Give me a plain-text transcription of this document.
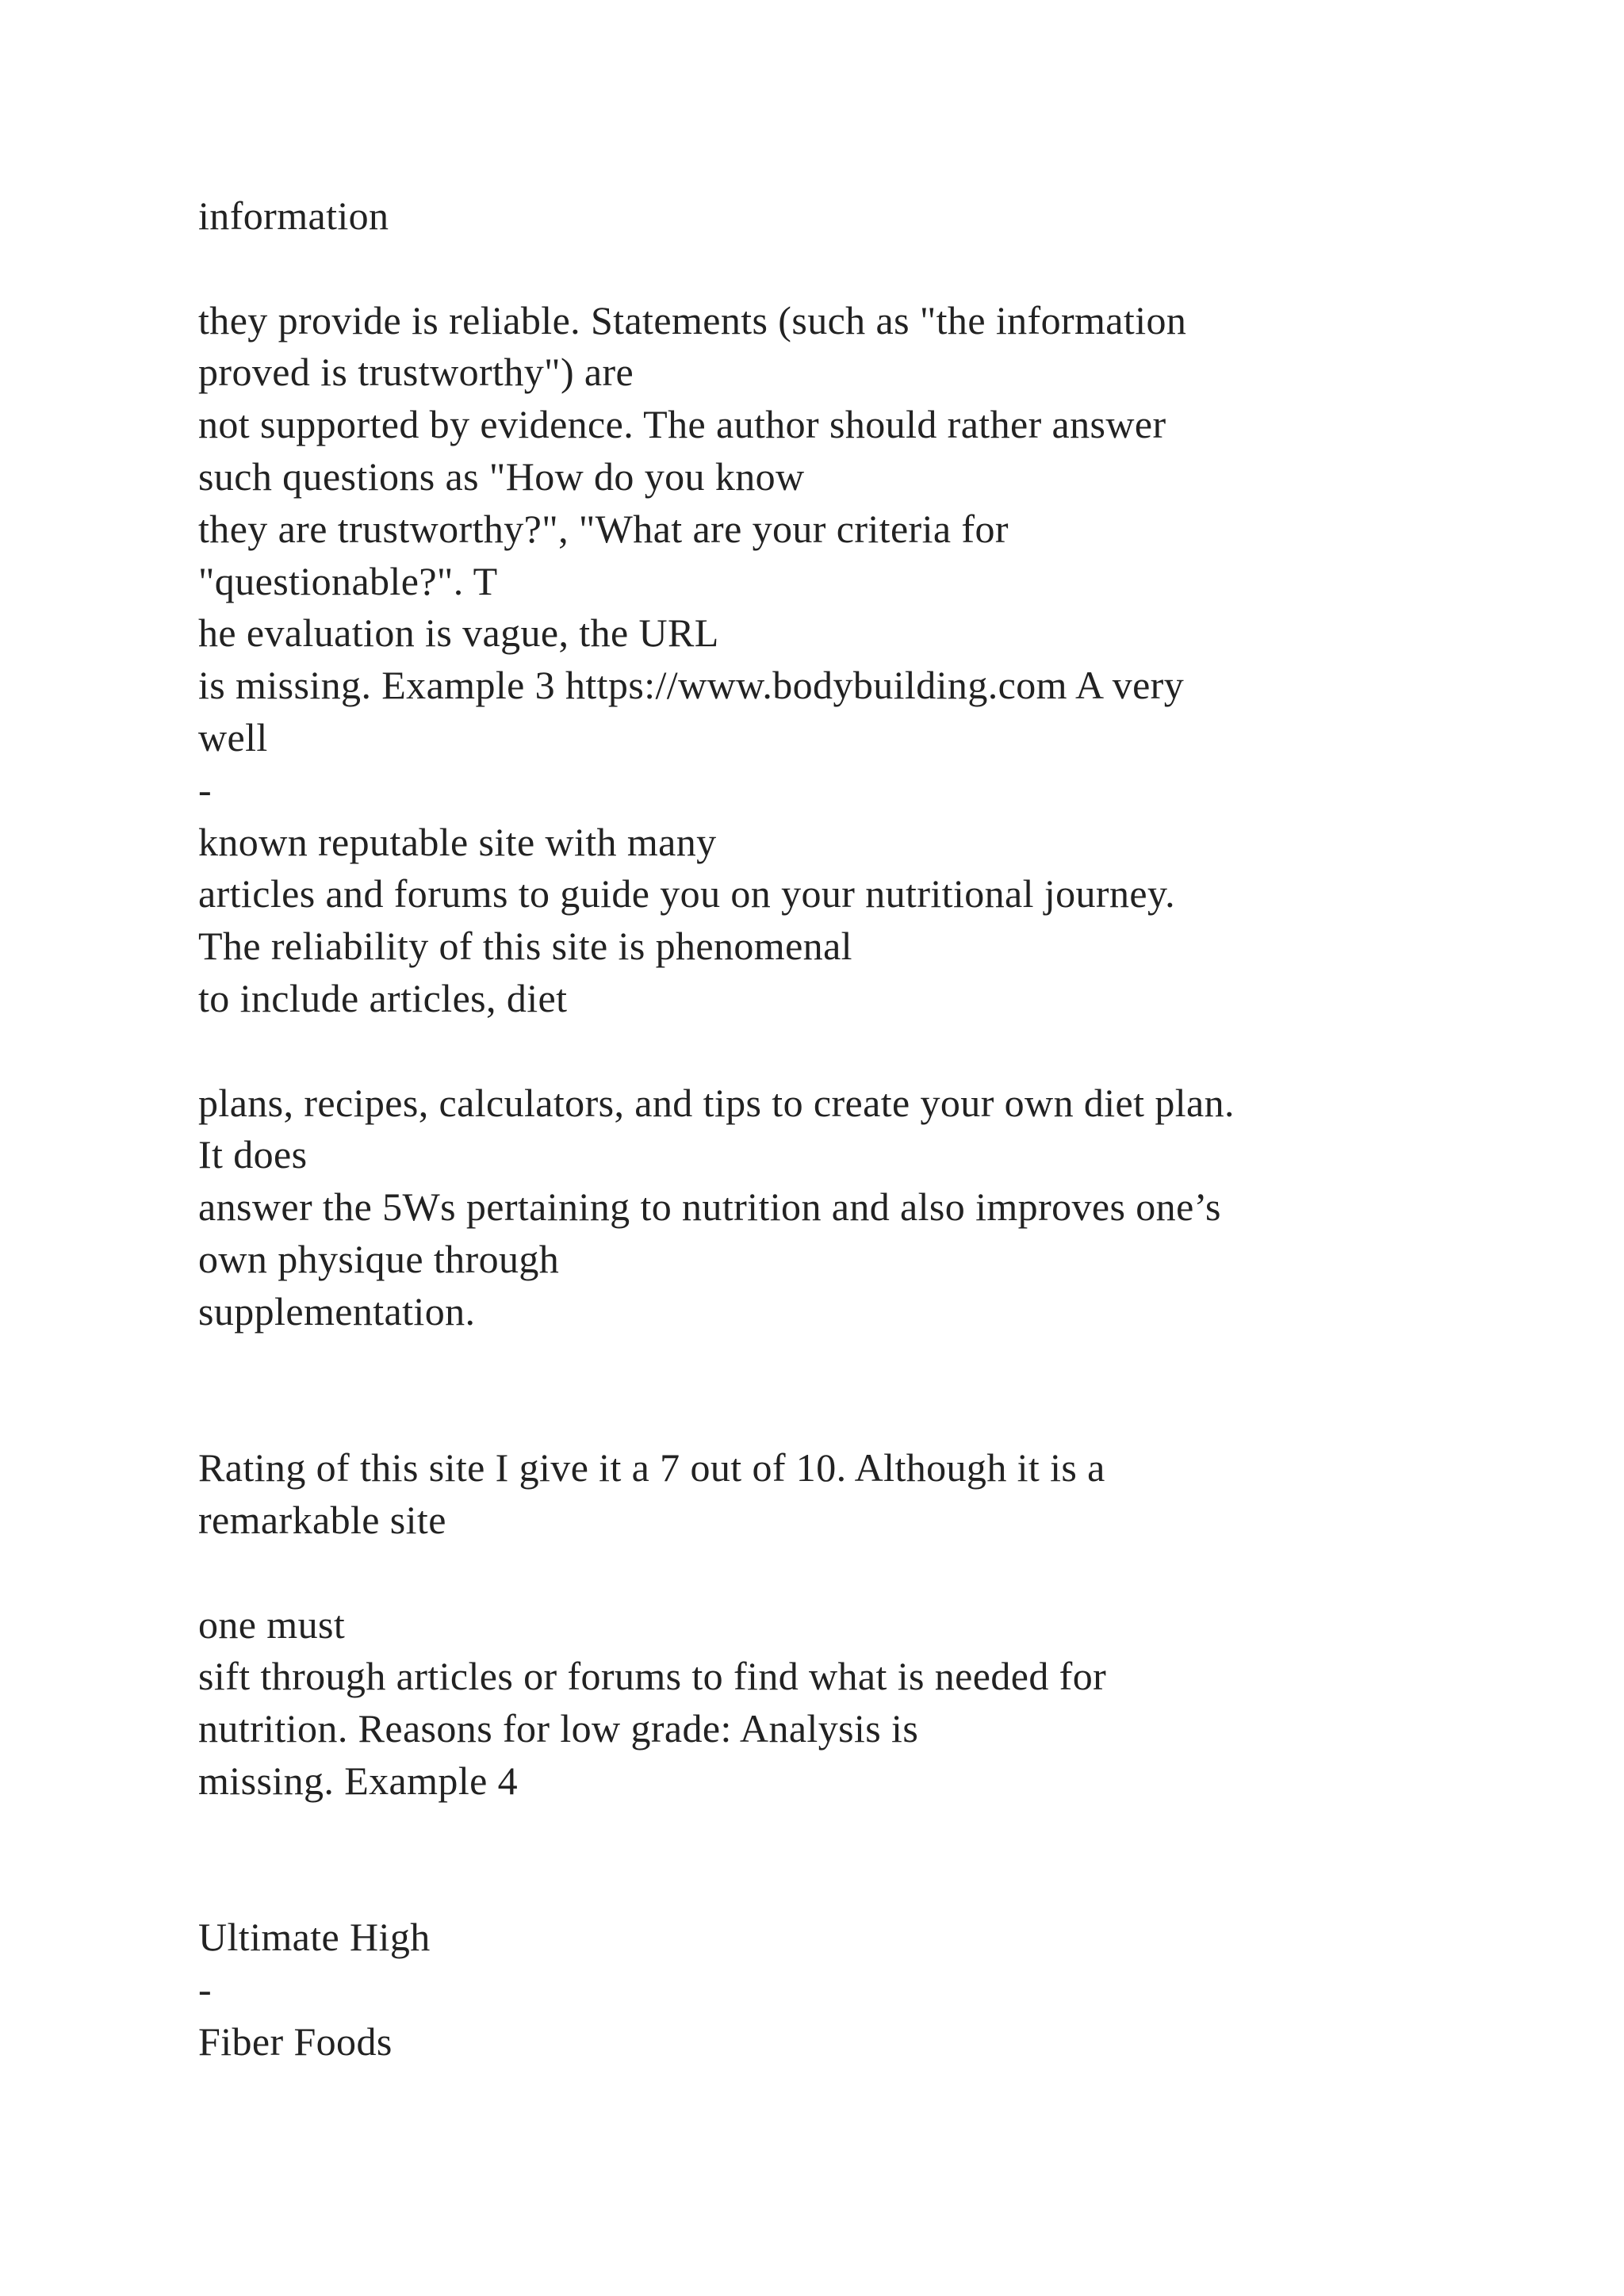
information
they provide is reliable. Statements (such as "the information
proved is trustworthy") are
not supported by evidence. The author should rather answer
such questions as "How do you know
they are trustworthy?", "What are your criteria for
"questionable?". T
he evaluation is vague, the URL
is missing. Example 3 https://www.bodybuilding.com A very
well
-
known reputable site with many
articles and forums to guide you on your nutritional journey.
The reliability of this site is phenomenal
to include articles, diet
plans, recipes, calculators, and tips to create your own diet plan.
It does
answer the 5Ws pertaining to nutrition and also improves one’s
own physique through
supplementation.
Rating of this site I give it a 7 out of 10. Although it is a
remarkable site
one must
sift through articles or forums to find what is needed for
nutrition. Reasons for low grade: Analysis is
missing. Example 4
Ultimate High
-
Fiber Foods
